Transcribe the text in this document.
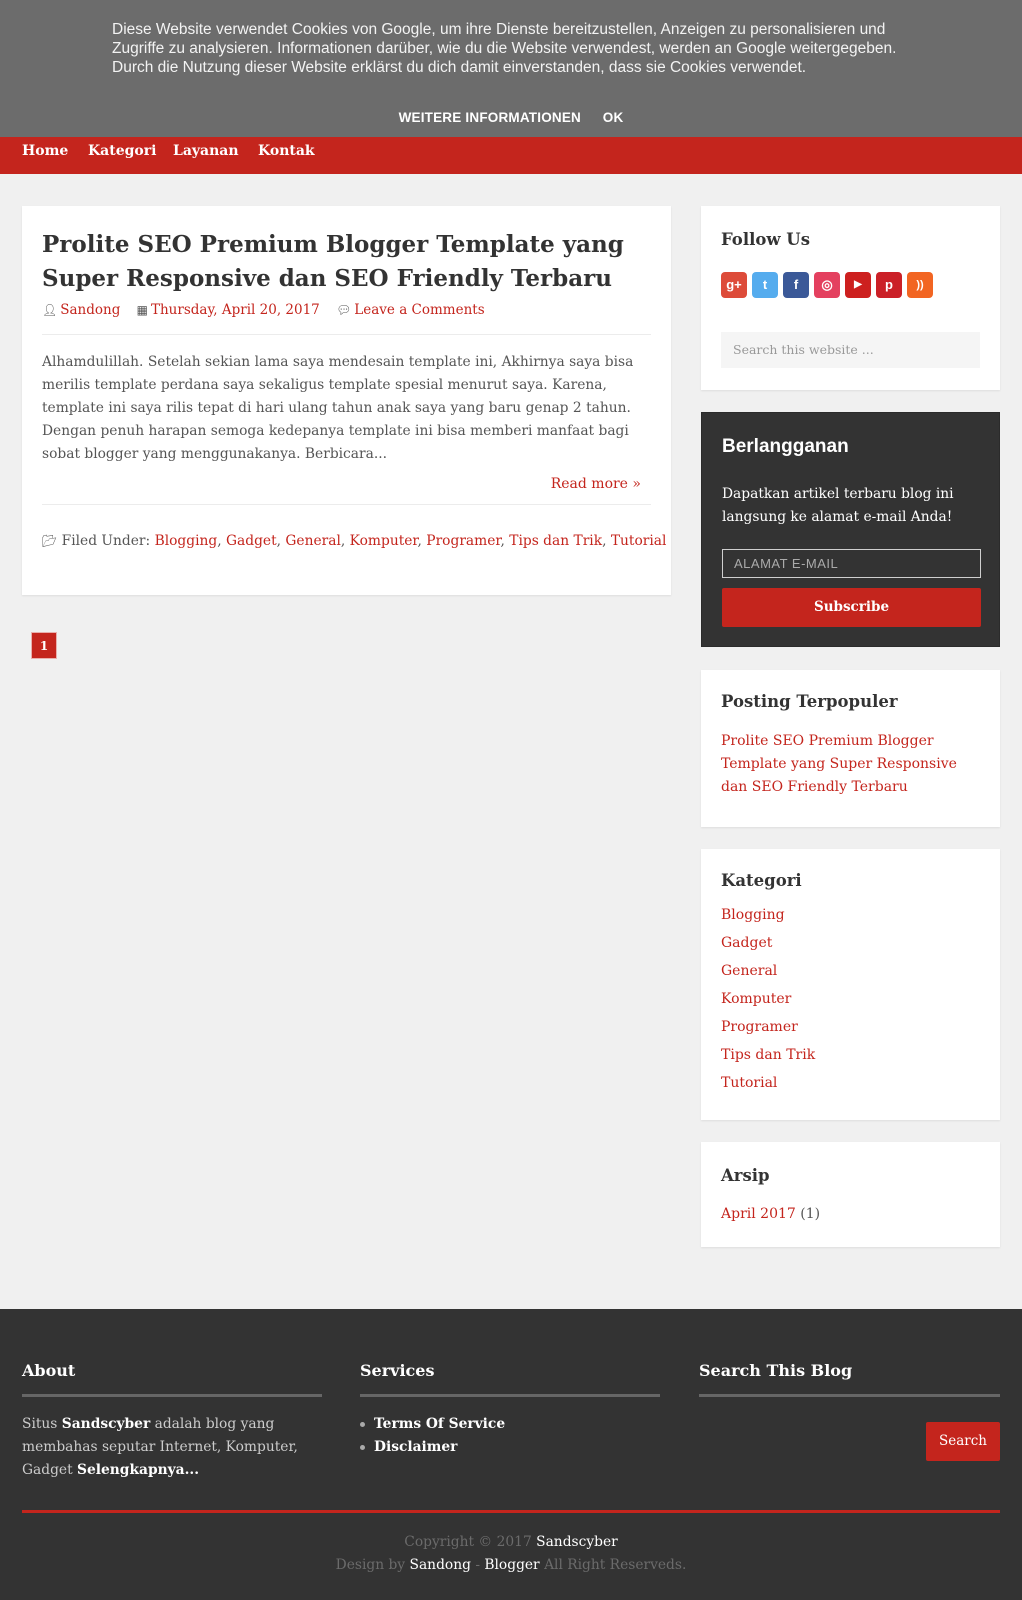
Diese Website verwendet Cookies von Google, um ihre Dienste bereitzustellen, Anzeigen zu personalisieren und Zugriffe zu analysieren. Informationen darüber, wie du die Website verwendest, werden an Google weitergegeben. Durch die Nutzung dieser Website erklärst du dich damit einverstanden, dass sie Cookies verwendet.
WEITERE INFORMATIONEN OK
Home Kategori Layanan Kontak
Prolite SEO Premium Blogger Template yang Super Responsive dan SEO Friendly Terbaru
👤︎ Sandong ▦ Thursday, April 20, 2017 💬︎ Leave a Comments
Alhamdulillah. Setelah sekian lama saya mendesain template ini, Akhirnya saya bisa merilis template perdana saya sekaligus template spesial menurut saya. Karena, template ini saya rilis tepat di hari ulang tahun anak saya yang baru genap 2 tahun. Dengan penuh harapan semoga kedepanya template ini bisa memberi manfaat bagi sobat blogger yang menggunakanya. Berbicara...
Read more »
📂︎ Filed Under: Blogging, Gadget, General, Komputer, Programer, Tips dan Trik, Tutorial
1
Follow Us
g+	t	f	◎	▶	p	))
Search this website ...
Berlangganan
Dapatkan artikel terbaru blog ini langsung ke alamat e-mail Anda!
ALAMAT E-MAIL
Subscribe
Posting Terpopuler
Prolite SEO Premium Blogger Template yang Super Responsive dan SEO Friendly Terbaru
Kategori
Blogging
Gadget
General
Komputer
Programer
Tips dan Trik
Tutorial
Arsip
April 2017 (1)
About
Situs Sandscyber adalah blog yang membahas seputar Internet, Komputer, Gadget Selengkapnya...
Services
Terms Of Service
Disclaimer
Search This Blog
Search
Copyright © 2017 Sandscyber
Design by Sandong - Blogger All Right Reserveds.
